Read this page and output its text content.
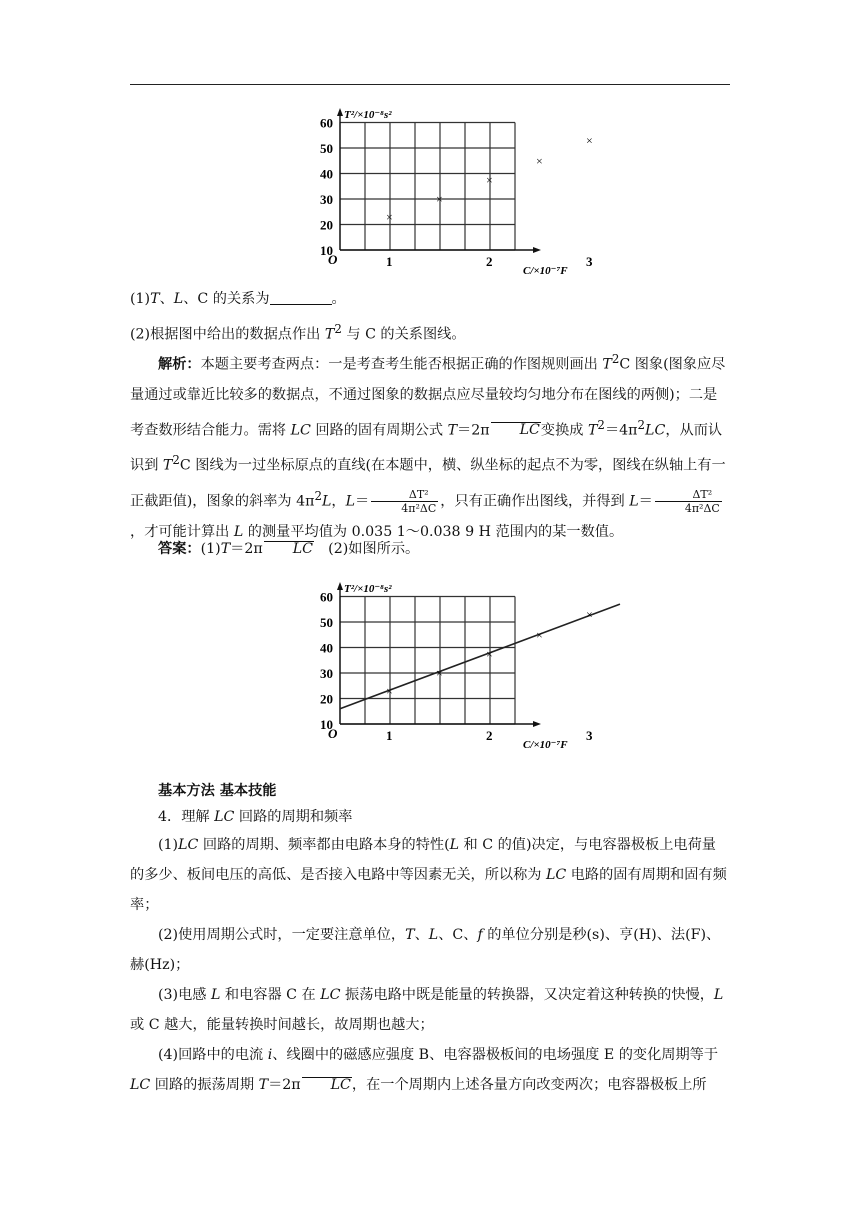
T²/×10⁻⁸s²
C/×10⁻⁷F
O
10
20
30
40
50
60
1	2	3
×
×
×
×
×

(1)T、L、C 的关系为	。

(2)根据图中给出的数据点作出 $T^2$ 与 C 的关系图线。

解析：本题主要考查两点：一是考查考生能否根据正确的作图规则画出 $T^2C$ 图象(图象应尽量通过或靠近比较多的数据点，不通过图象的数据点应尽量较均匀地分布在图线的两侧)；二是考查数形结合能力。需将 LC 回路的固有周期公式 T＝2π LC变换成 $T^2=4\pi^2LC$，从而认识到 $T^2C$ 图线为一过坐标原点的直线(在本题中，横、纵坐标的起点不为零，图线在纵轴上有一正截距值)，图象的斜率为 $4\pi^2L$，$L= \frac{\text{ΔT²}}{\text{4π²ΔC}}$ ，只有正确作出图线，并得到 $L= \frac{\text{ΔT²}}{\text{4π²ΔC}}$
，才可能计算出 L 的测量平均值为 0.035 1～0.038 9 H 范围内的某一数值。

答案：(1)T＝2π LC　(2)如图所示。

T²/×10⁻⁸s²
C/×10⁻⁷F
O
10
20
30
40
50
60
1	2	3
×
×
×
×
×

基本方法 基本技能

4．理解 LC 回路的周期和频率

(1)LC 回路的周期、频率都由电路本身的特性(L 和 C 的值)决定，与电容器极板上电荷量的多少、板间电压的高低、是否接入电路中等因素无关，所以称为 LC 电路的固有周期和固有频率；

(2)使用周期公式时，一定要注意单位，T、L、C、f 的单位分别是秒(s)、亨(H)、法(F)、赫(Hz)；

(3)电感 L 和电容器 C 在 LC 振荡电路中既是能量的转换器，又决定着这种转换的快慢，L 或 C 越大，能量转换时间越长，故周期也越大；

(4)回路中的电流 i、线圈中的磁感应强度 B、电容器极板间的电场强度 E 的变化周期等于 LC 回路的振荡周期 T＝2π LC，在一个周期内上述各量方向改变两次；电容器极板上所
